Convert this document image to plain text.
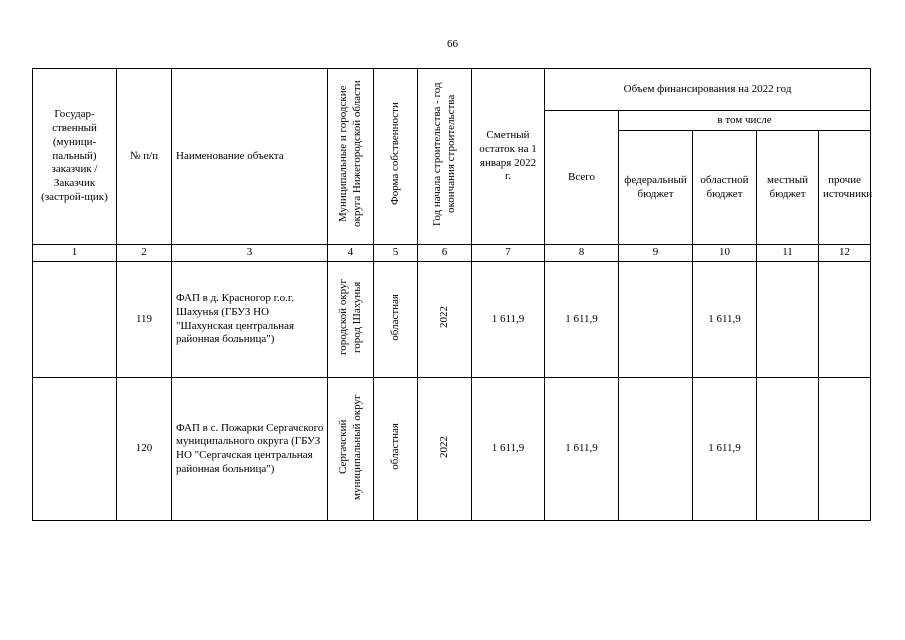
66
Государ-ственный (муници-пальный) заказчик / Заказчик (застрой-щик)	№ п/п	Наименование объекта	Муниципальные и городские округа Нижегородской области	Форма собственности	Год начала строительства - год окончания строительства	Сметный остаток на 1 января 2022 г.	Объем финансирования на 2022 год				
							Всего	в том числе			
								федеральный бюджет	областной бюджет	местный бюджет	прочие источники
1	2	3	4	5	6	7	8	9	10	11	12
	119	ФАП в д. Красногор г.о.г. Шахунья (ГБУЗ НО "Шахунская центральная районная больница")	городской округ город Шахунья	областная	2022	1 611,9	1 611,9		1 611,9		
	120	ФАП в с. Пожарки Сергачского муниципального округа (ГБУЗ НО "Сергачская центральная районная больница")	Сергачский муниципальный округ	областная	2022	1 611,9	1 611,9		1 611,9		
